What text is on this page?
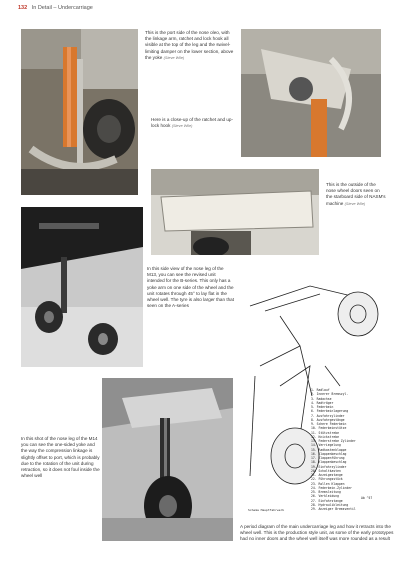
132 In Detail – Undercarriage
This is the port side of the nose oleo, with the linkage arm, ratchet and lock hook all visible at the top of the leg and the swivel-limiting damper on the lower section, above the yoke (Steve Wile)
Here is a close-up of the ratchet and up-lock hook (Steve Wile)
This is the outside of the nose wheel doors seen on the starboard side of NASM's machine (Steve Wile)
In this side view of the nose leg of the M13, you can see the revised unit intended for the B-series. This only has a yoke arm on one side of the wheel and the unit rotates through 45° to lay flat in the wheel well. The tyre is also larger than that seen on the A-series
Schema Hauptfahrwerk
1. Radlauf
2. Innerer Bremszyl.
3. Radachse
4. Radträger
5. Federbein
6. Federbeinlagerung
7. Ausfahrzylinder
8. Ausfahrgestänge
9. Schere Federbein
10. Federbeinstütze
11. Stützstrebe
12. Knickstrebe
13. Federstrebe Zylinder
14. Verriegelung
15. Radkastenklappe
16. Klappenbeschlag
17. Klappenführung
18. Klappenbeschlag
19. Einfahrzylinder
20. Schaltkasten
21. Anzeigestange
22. Führungsstück
23. Rollen Klappen
24. Federbein-Zylinder
25. Bremsleitung
26. Verkleidung
27. Einfahrstange
28. Hydraulikleitung
29. Anzeiger Bremsventil
Ab ^57
In this shot of the nose leg of the M14 you can see the one-sided yoke and the way the compression linkage is slightly offset to port, which is probably due to the rotation of the unit during retraction, so it does not foul inside the wheel well
A period diagram of the main undercarriage leg and how it retracts into the wheel well. This is the production style unit, as some of the early prototypes had no inner doors and the wheel well itself was more rounded as a result
